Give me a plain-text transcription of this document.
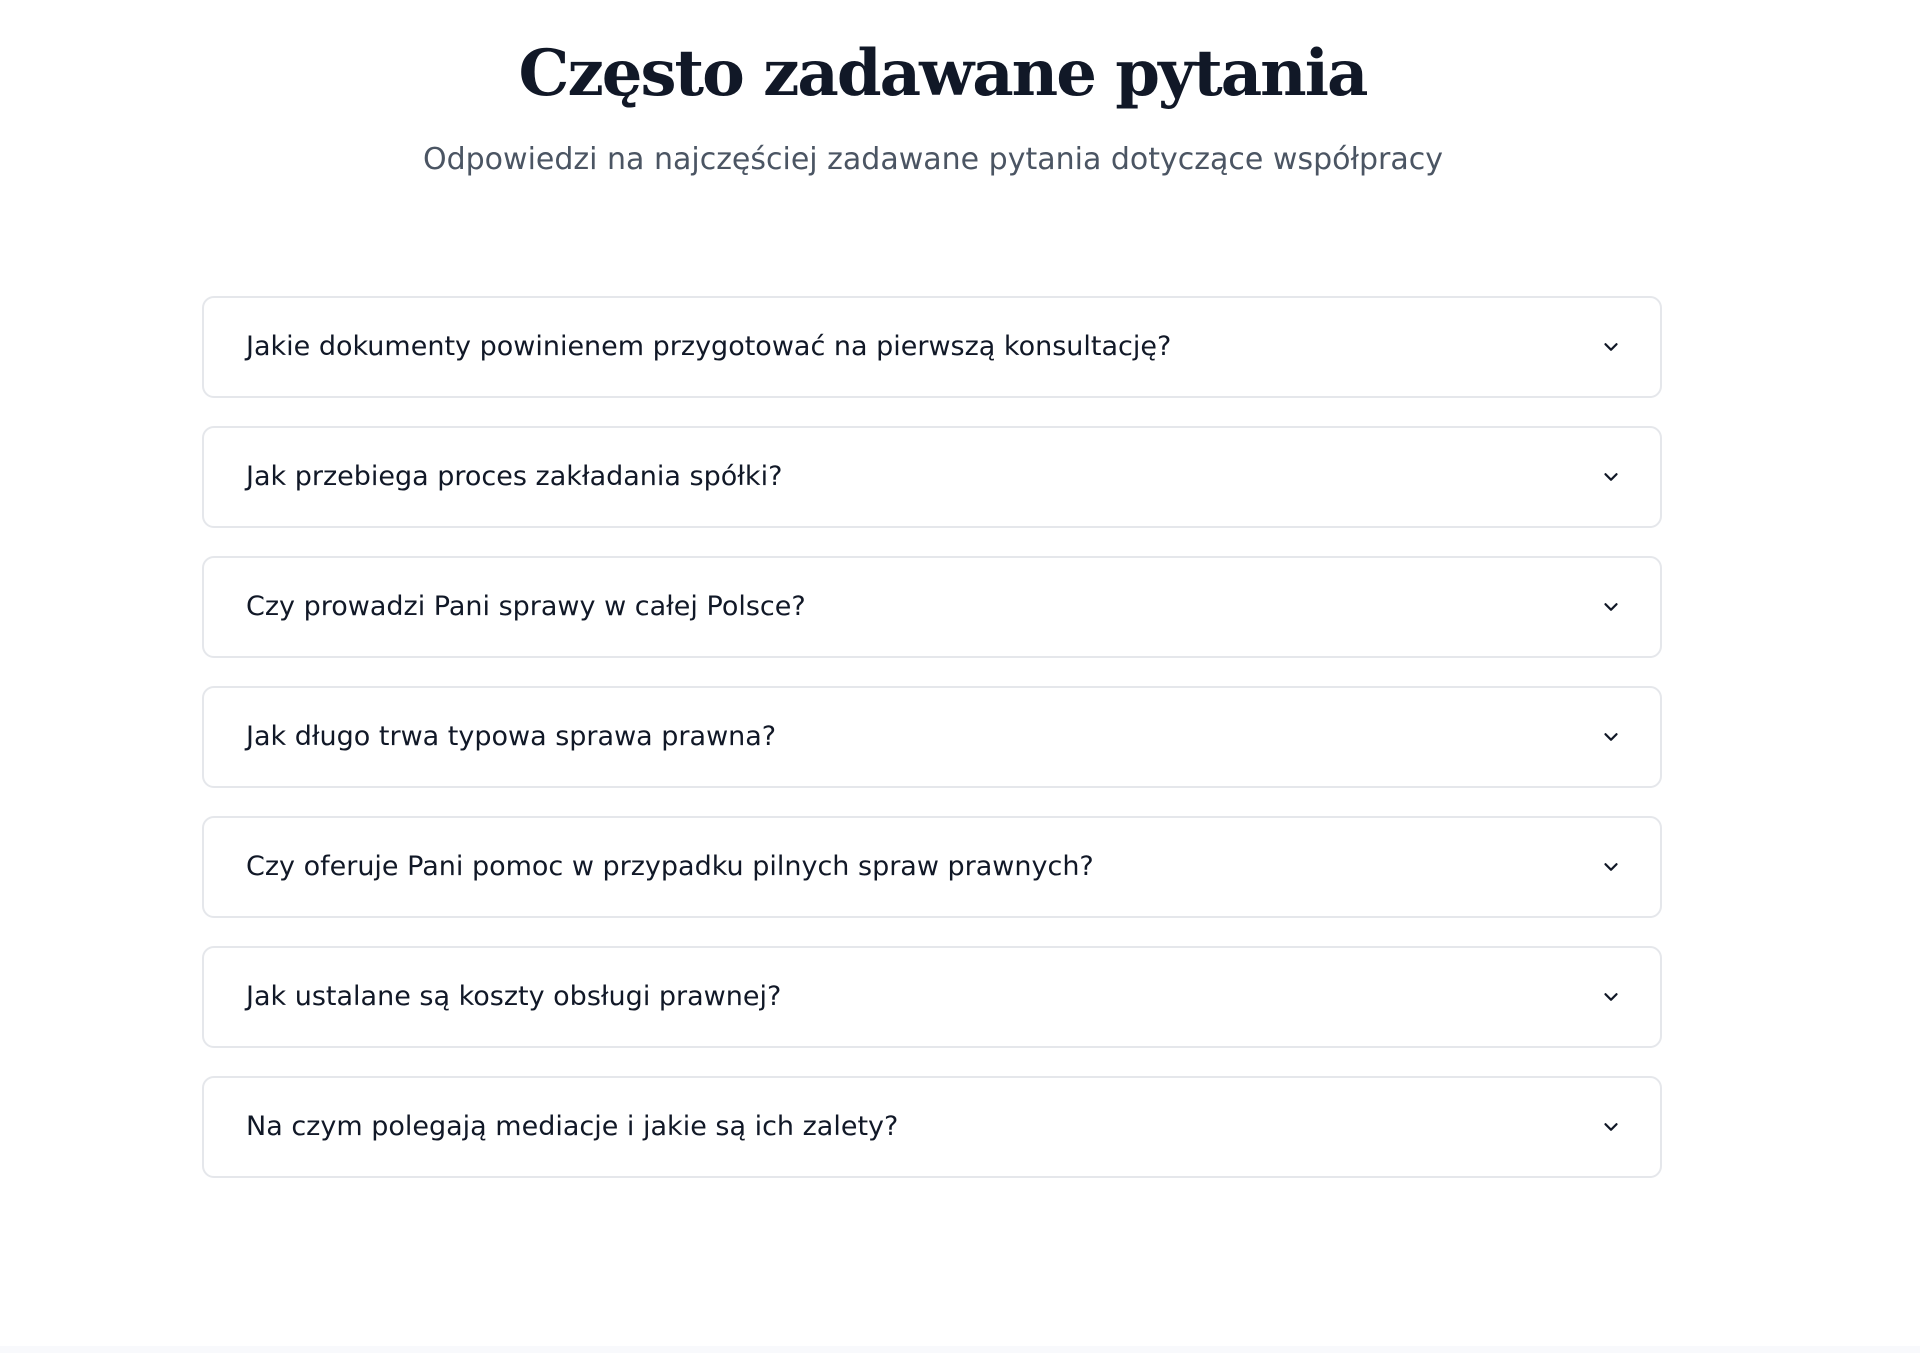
Często zadawane pytania

Odpowiedzi na najczęściej zadawane pytania dotyczące współpracy

Jakie dokumenty powinienem przygotować na pierwszą konsultację?
Jak przebiega proces zakładania spółki?
Czy prowadzi Pani sprawy w całej Polsce?
Jak długo trwa typowa sprawa prawna?
Czy oferuje Pani pomoc w przypadku pilnych spraw prawnych?
Jak ustalane są koszty obsługi prawnej?
Na czym polegają mediacje i jakie są ich zalety?
